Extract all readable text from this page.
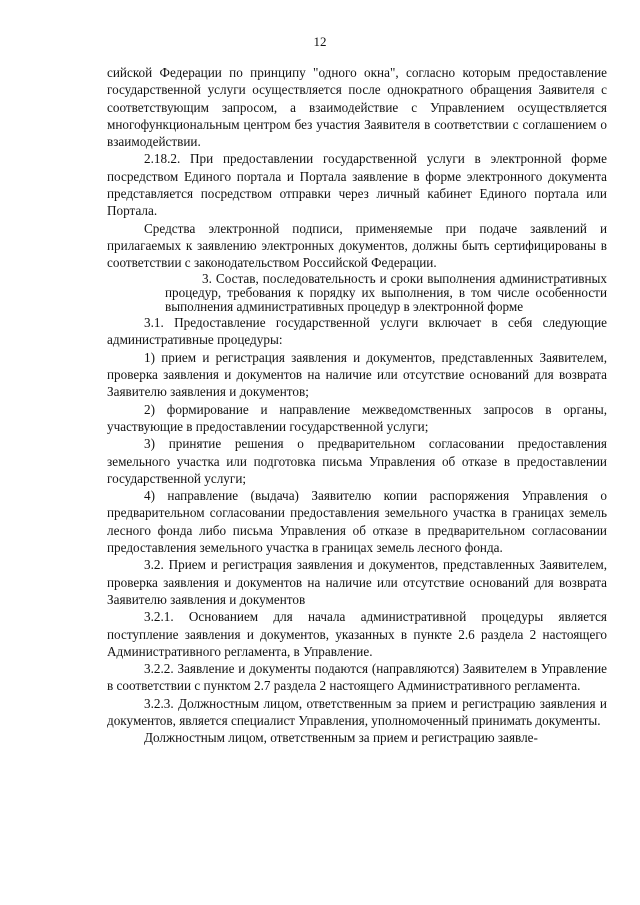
12

сийской Федерации по принципу "одного окна", согласно которым предоставление государственной услуги осуществляется после однократного обращения Заявителя с соответствующим запросом, а взаимодействие с Управлением осуществляется многофункциональным центром без участия Заявителя в соответствии с соглашением о взаимодействии.

2.18.2. При предоставлении государственной услуги в электронной форме посредством Единого портала и Портала заявление в форме электронного документа представляется посредством отправки через личный кабинет Единого портала или Портала.

Средства электронной подписи, применяемые при подаче заявлений и прилагаемых к заявлению электронных документов, должны быть сертифицированы в соответствии с законодательством Российской Федерации.

3. Состав, последовательность и сроки выполнения административных процедур, требования к порядку их выполнения, в том числе особенности выполнения административных процедур в электронной форме

3.1. Предоставление государственной услуги включает в себя следующие административные процедуры:

1) прием и регистрация заявления и документов, представленных Заявителем, проверка заявления и документов на наличие или отсутствие оснований для возврата Заявителю заявления и документов;

2) формирование и направление межведомственных запросов в органы, участвующие в предоставлении государственной услуги;

3) принятие решения о предварительном согласовании предоставления земельного участка или подготовка письма Управления об отказе в предоставлении государственной услуги;

4) направление (выдача) Заявителю копии распоряжения Управления о предварительном согласовании предоставления земельного участка в границах земель лесного фонда либо письма Управления об отказе в предварительном согласовании предоставления земельного участка в границах земель лесного фонда.

3.2. Прием и регистрация заявления и документов, представленных Заявителем, проверка заявления и документов на наличие или отсутствие оснований для возврата Заявителю заявления и документов

3.2.1. Основанием для начала административной процедуры является поступление заявления и документов, указанных в пункте 2.6 раздела 2 настоящего Административного регламента, в Управление.

3.2.2. Заявление и документы подаются (направляются) Заявителем в Управление в соответствии с пунктом 2.7 раздела 2 настоящего Административного регламента.

3.2.3. Должностным лицом, ответственным за прием и регистрацию заявления и документов, является специалист Управления, уполномоченный принимать документы.

Должностным лицом, ответственным за прием и регистрацию заявле-
